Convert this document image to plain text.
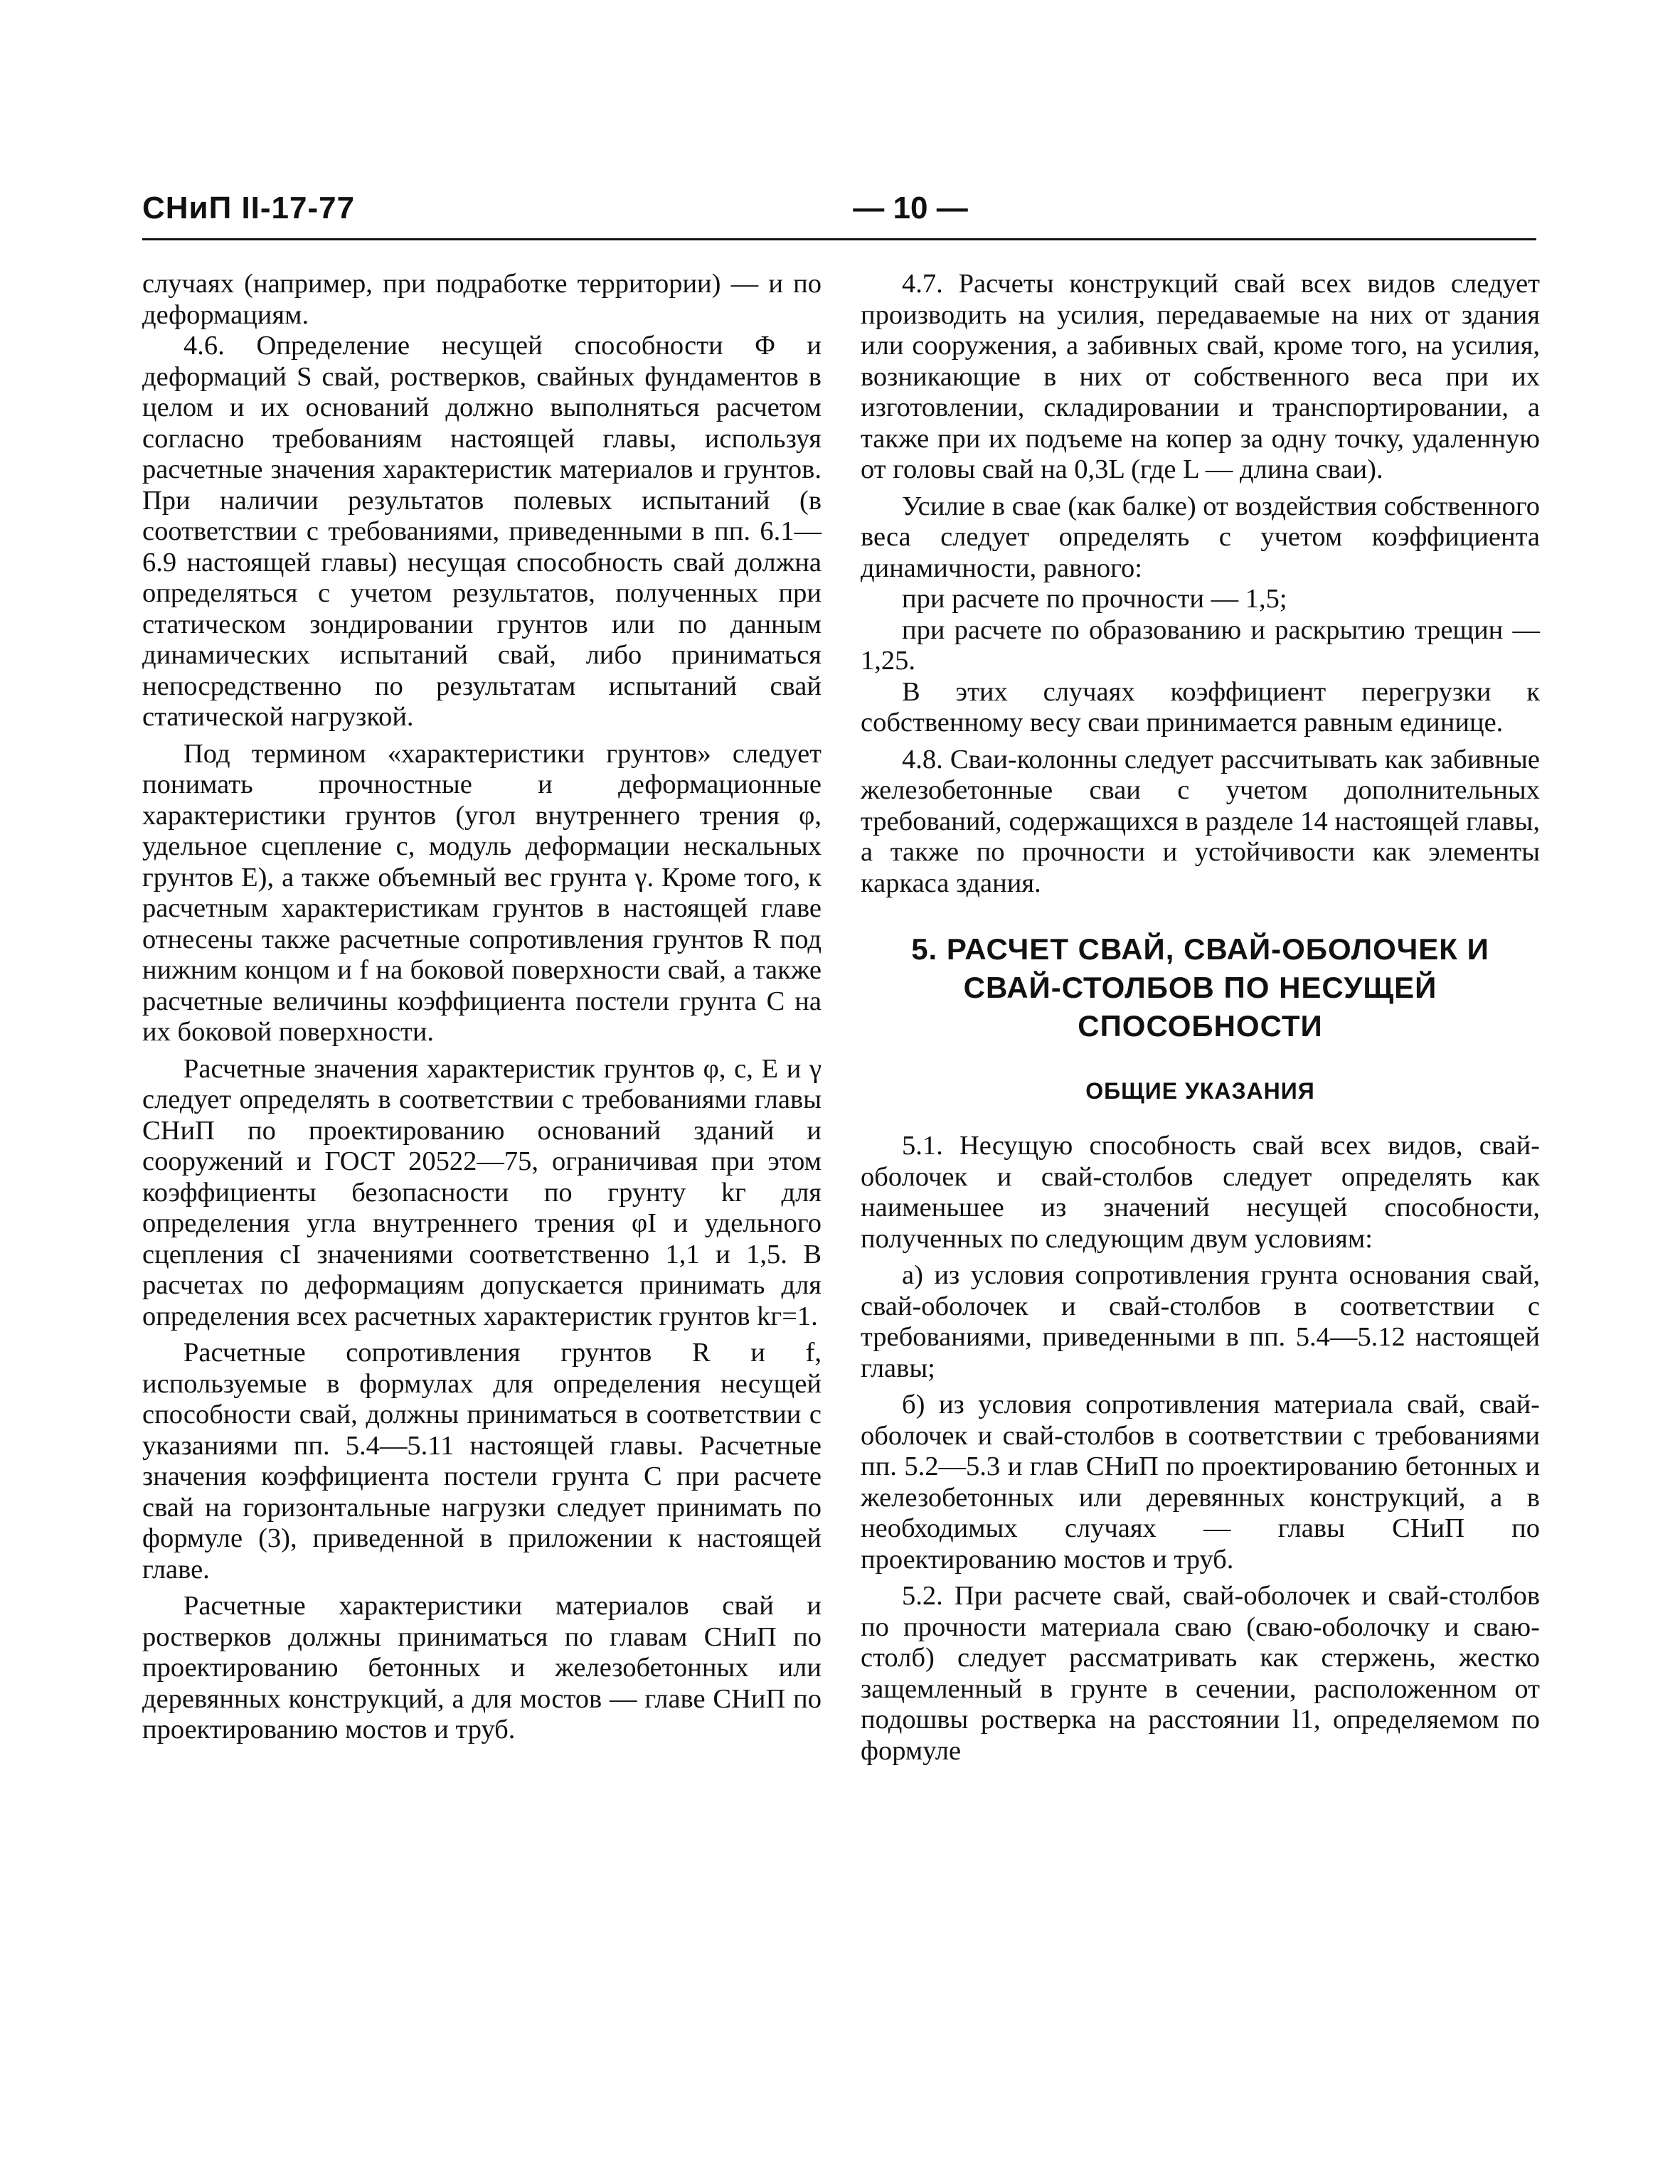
СНиП II-17-77	— 10 —

случаях (например, при подработке территории) — и по деформациям.

4.6. Определение несущей способности Φ и деформаций S свай, ростверков, свайных фундаментов в целом и их оснований должно выполняться расчетом согласно требованиям настоящей главы, используя расчетные значения характеристик материалов и грунтов. При наличии результатов полевых испытаний (в соответствии с требованиями, приведенными в пп. 6.1—6.9 настоящей главы) несущая способность свай должна определяться с учетом результатов, полученных при статическом зондировании грунтов или по данным динамических испытаний свай, либо приниматься непосредственно по результатам испытаний свай статической нагрузкой.

Под термином «характеристики грунтов» следует понимать прочностные и деформационные характеристики грунтов (угол внутреннего трения φ, удельное сцепление c, модуль деформации нескальных грунтов E), а также объемный вес грунта γ. Кроме того, к расчетным характеристикам грунтов в настоящей главе отнесены также расчетные сопротивления грунтов R под нижним концом и f на боковой поверхности свай, а также расчетные величины коэффициента постели грунта C на их боковой поверхности.

Расчетные значения характеристик грунтов φ, c, E и γ следует определять в соответствии с требованиями главы СНиП по проектированию оснований зданий и сооружений и ГОСТ 20522—75, ограничивая при этом коэффициенты безопасности по грунту kг для определения угла внутреннего трения φI и удельного сцепления cI значениями соответственно 1,1 и 1,5. В расчетах по деформациям допускается принимать для определения всех расчетных характеристик грунтов kг=1.

Расчетные сопротивления грунтов R и f, используемые в формулах для определения несущей способности свай, должны приниматься в соответствии с указаниями пп. 5.4—5.11 настоящей главы. Расчетные значения коэффициента постели грунта C при расчете свай на горизонтальные нагрузки следует принимать по формуле (3), приведенной в приложении к настоящей главе.

Расчетные характеристики материалов свай и ростверков должны приниматься по главам СНиП по проектированию бетонных и железобетонных или деревянных конструкций, а для мостов — главе СНиП по проектированию мостов и труб.

4.7. Расчеты конструкций свай всех видов следует производить на усилия, передаваемые на них от здания или сооружения, а забивных свай, кроме того, на усилия, возникающие в них от собственного веса при их изготовлении, складировании и транспортировании, а также при их подъеме на копер за одну точку, удаленную от головы свай на 0,3L (где L — длина сваи).

Усилие в свае (как балке) от воздействия собственного веса следует определять с учетом коэффициента динамичности, равного:

при расчете по прочности — 1,5;

при расчете по образованию и раскрытию трещин — 1,25.

В этих случаях коэффициент перегрузки к собственному весу сваи принимается равным единице.

4.8. Сваи-колонны следует рассчитывать как забивные железобетонные сваи с учетом дополнительных требований, содержащихся в разделе 14 настоящей главы, а также по прочности и устойчивости как элементы каркаса здания.

5. РАСЧЕТ СВАЙ, СВАЙ-ОБОЛОЧЕК И СВАЙ-СТОЛБОВ ПО НЕСУЩЕЙ СПОСОБНОСТИ
ОБЩИЕ УКАЗАНИЯ

5.1. Несущую способность свай всех видов, свай-оболочек и свай-столбов следует определять как наименьшее из значений несущей способности, полученных по следующим двум условиям:

а) из условия сопротивления грунта основания свай, свай-оболочек и свай-столбов в соответствии с требованиями, приведенными в пп. 5.4—5.12 настоящей главы;

б) из условия сопротивления материала свай, свай-оболочек и свай-столбов в соответствии с требованиями пп. 5.2—5.3 и глав СНиП по проектированию бетонных и железобетонных или деревянных конструкций, а в необходимых случаях — главы СНиП по проектированию мостов и труб.

5.2. При расчете свай, свай-оболочек и свай-столбов по прочности материала сваю (сваю-оболочку и сваю-столб) следует рассматривать как стержень, жестко защемленный в грунте в сечении, расположенном от подошвы ростверка на расстоянии l1, определяемом по формуле
